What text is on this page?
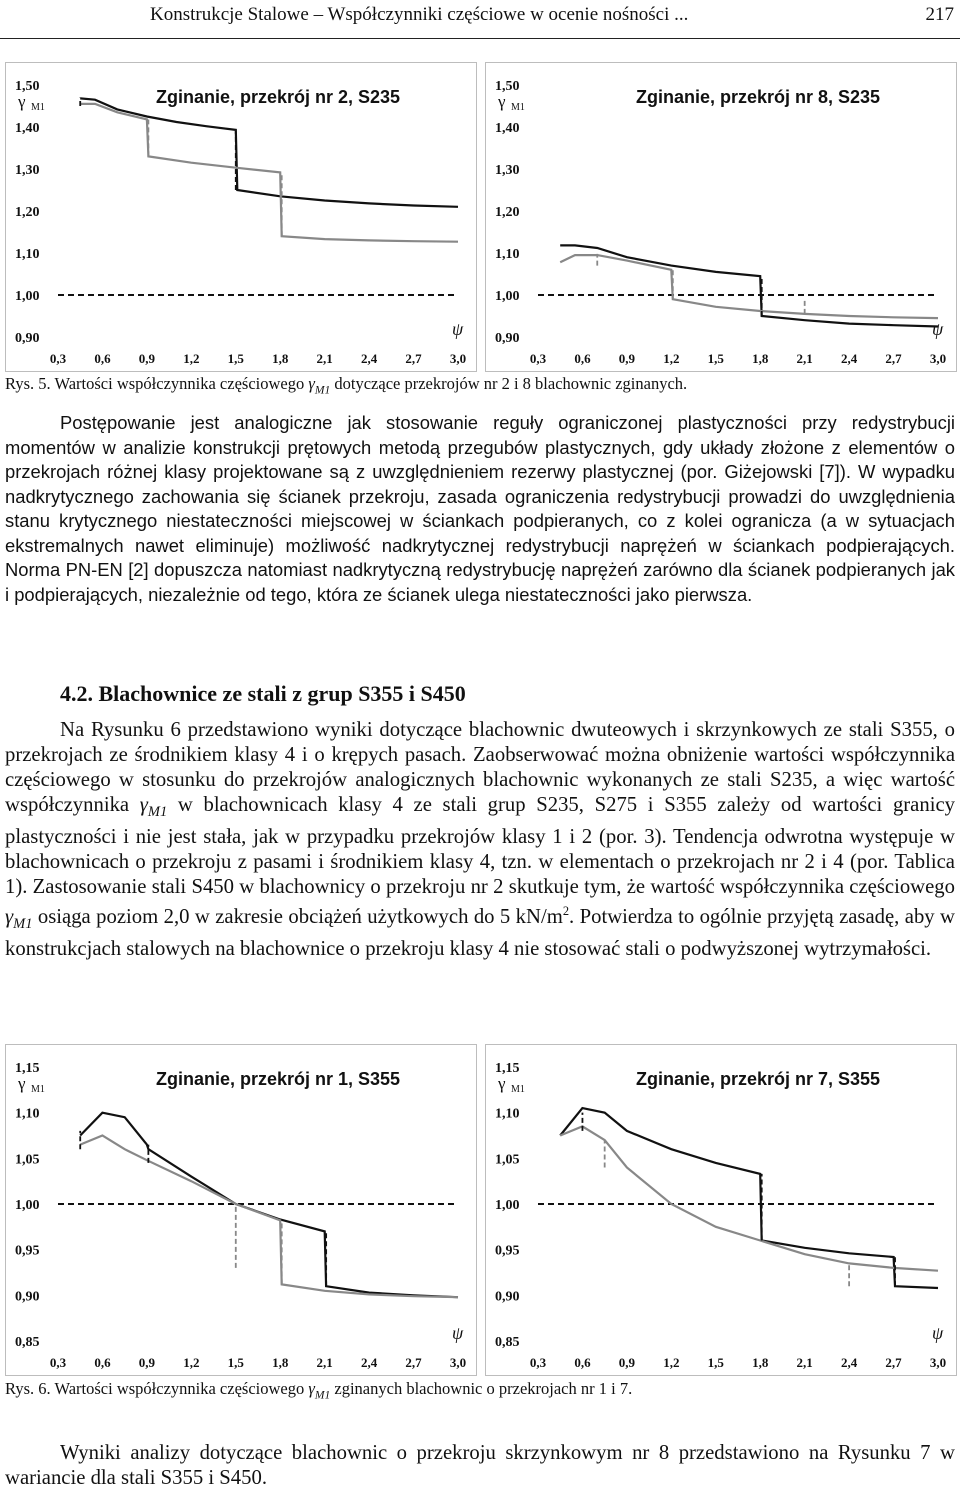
Konstrukcje Stalowe – Współczynniki częściowe w ocenie nośności ...	217
1,50
1,40
1,30
1,20
1,10
1,00
0,90
γ M1
Zginanie, przekrój nr 2, S235
0,3 0,6 0,9 1,2 1,5 1,8 2,1 2,4 2,7 3,0
ψ
1,50
1,40
1,30
1,20
1,10
1,00
0,90
γ M1
Zginanie, przekrój nr 8, S235
0,3 0,6 0,9 1,2 1,5 1,8 2,1 2,4 2,7 3,0
ψ
Rys. 5. Wartości współczynnika częściowego $\gamma_{M1}$ dotyczące przekrojów nr 2 i 8 blachownic zginanych.
Postępowanie jest analogiczne jak stosowanie reguły ograniczonej plastyczności przy redystrybucji momentów w analizie konstrukcji prętowych metodą przegubów plastycznych, gdy układy złożone z elementów o przekrojach różnej klasy projektowane są z uwzględnieniem rezerwy plastycznej (por. Giżejowski [7]). W wypadku nadkrytycznego zachowania się ścianek przekroju, zasada ograniczenia redystrybucji prowadzi do uwzględnienia stanu krytycznego niestateczności miejscowej w ściankach podpieranych, co z kolei ogranicza (a w sytuacjach ekstremalnych nawet eliminuje) możliwość nadkrytycznej redystrybucji naprężeń w ściankach podpierających. Norma PN-EN [2] dopuszcza natomiast nadkrytyczną redystrybucję naprężeń zarówno dla ścianek podpieranych jak i podpierających, niezależnie od tego, która ze ścianek ulega niestateczności jako pierwsza.
4.2. Blachownice ze stali z grup S355 i S450
Na Rysunku 6 przedstawiono wyniki dotyczące blachownic dwuteowych i skrzynkowych ze stali S355, o przekrojach ze środnikiem klasy 4 i o krępych pasach. Zaobserwować można obniżenie wartości współczynnika częściowego w stosunku do przekrojów analogicznych blachownic wykonanych ze stali S235, a więc wartość współczynnika $\gamma_{M1}$ w blachownicach klasy 4 ze stali grup S235, S275 i S355 zależy od wartości granicy plastyczności i nie jest stała, jak w przypadku przekrojów klasy 1 i 2 (por. 3). Tendencja odwrotna występuje w blachownicach o przekroju z pasami i środnikiem klasy 4, tzn. w elementach o przekrojach nr 2 i 4 (por. Tablica 1). Zastosowanie stali S450 w blachownicy o przekroju nr 2 skutkuje tym, że wartość współczynnika częściowego $\gamma_{M1}$ osiąga poziom 2,0 w zakresie obciążeń użytkowych do 5 $kN/m^2$. Potwierdza to ogólnie przyjętą zasadę, aby w konstrukcjach stalowych na blachownice o przekroju klasy 4 nie stosować stali o podwyższonej wytrzymałości.
1,15
1,10
1,05
1,00
0,95
0,90
0,85
γ M1
Zginanie, przekrój nr 1, S355
0,3 0,6 0,9 1,2 1,5 1,8 2,1 2,4 2,7 3,0
ψ
1,15
1,10
1,05
1,00
0,95
0,90
0,85
γ M1
Zginanie, przekrój nr 7, S355
0,3 0,6 0,9 1,2 1,5 1,8 2,1 2,4 2,7 3,0
ψ
Rys. 6. Wartości współczynnika częściowego $\gamma_{M1}$ zginanych blachownic o przekrojach nr 1 i 7.
Wyniki analizy dotyczące blachownic o przekroju skrzynkowym nr 8 przedstawiono na Rysunku 7 w wariancie dla stali S355 i S450.
